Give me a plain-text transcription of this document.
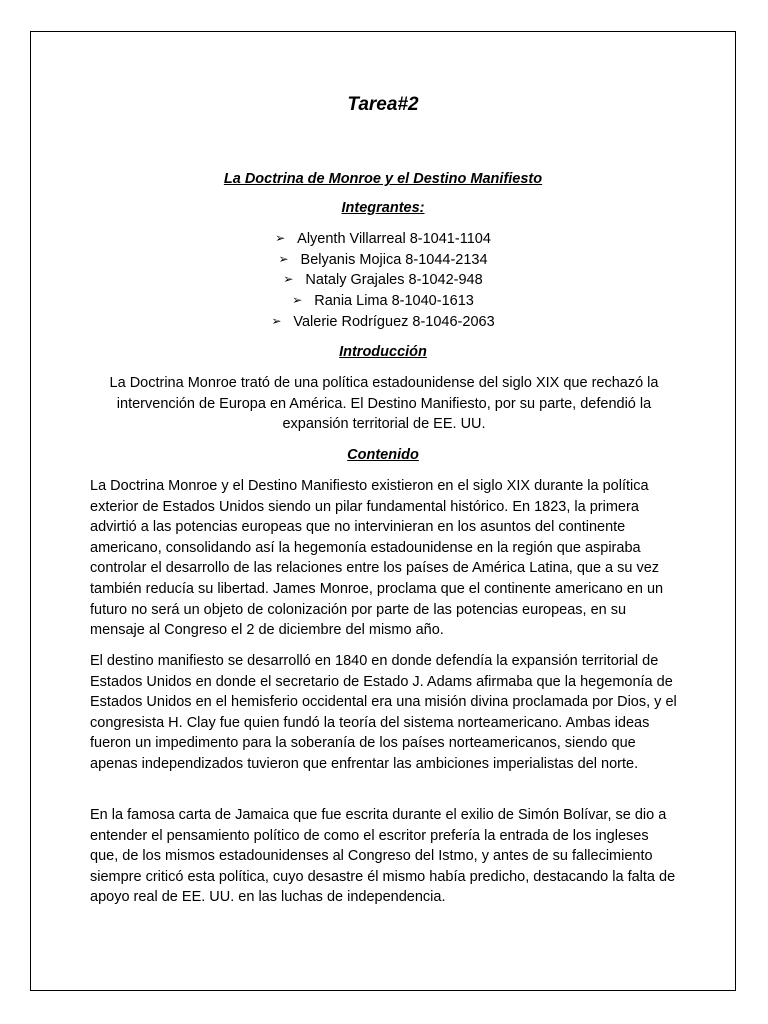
Tarea#2
La Doctrina de Monroe y el Destino Manifiesto
Integrantes:
➢ Alyenth Villarreal 8-1041-1104
➢ Belyanis Mojica 8-1044-2134
➢ Nataly Grajales 8-1042-948
➢ Rania Lima 8-1040-1613
➢ Valerie Rodríguez 8-1046-2063
Introducción

La Doctrina Monroe trató de una política estadounidense del siglo XIX que rechazó la intervención de Europa en América. El Destino Manifiesto, por su parte, defendió la expansión territorial de EE. UU.

Contenido

La Doctrina Monroe y el Destino Manifiesto existieron en el siglo XIX durante la política exterior de Estados Unidos siendo un pilar fundamental histórico. En 1823, la primera advirtió a las potencias europeas que no intervinieran en los asuntos del continente americano, consolidando así la hegemonía estadounidense en la región que aspiraba controlar el desarrollo de las relaciones entre los países de América Latina, que a su vez también reducía su libertad. James Monroe, proclama que el continente americano en un futuro no será un objeto de colonización por parte de las potencias europeas, en su mensaje al Congreso el 2 de diciembre del mismo año.

El destino manifiesto se desarrolló en 1840 en donde defendía la expansión territorial de Estados Unidos en donde el secretario de Estado J. Adams afirmaba que la hegemonía de Estados Unidos en el hemisferio occidental era una misión divina proclamada por Dios, y el congresista H. Clay fue quien fundó la teoría del sistema norteamericano. Ambas ideas fueron un impedimento para la soberanía de los países norteamericanos, siendo que apenas independizados tuvieron que enfrentar las ambiciones imperialistas del norte.

En la famosa carta de Jamaica que fue escrita durante el exilio de Simón Bolívar, se dio a entender el pensamiento político de como el escritor prefería la entrada de los ingleses que, de los mismos estadounidenses al Congreso del Istmo, y antes de su fallecimiento siempre criticó esta política, cuyo desastre él mismo había predicho, destacando la falta de apoyo real de EE. UU. en las luchas de independencia.
